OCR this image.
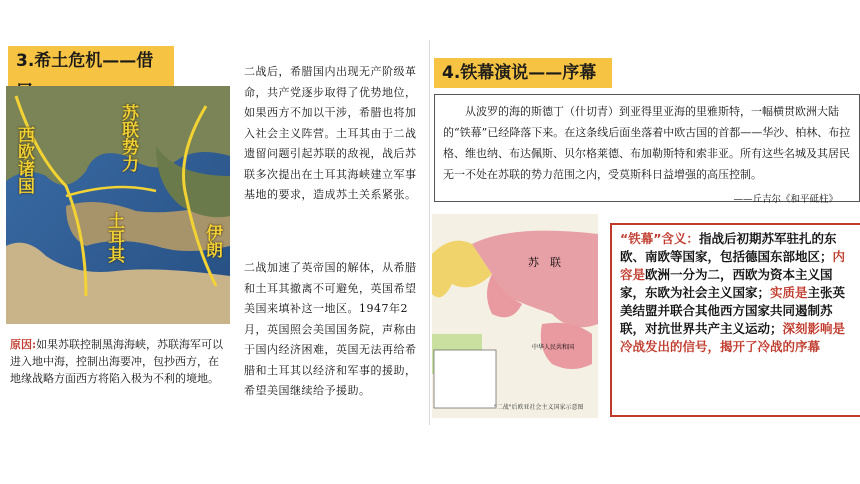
3.希土危机——借
西欧诸国	苏联势力
土耳其	伊朗
原因:如果苏联控制黑海海峡，苏联海军可以进入地中海，控制出海要冲，包抄西方，在地缘战略方面西方将陷入极为不利的境地。
二战后，希腊国内出现无产阶级革命，共产党逐步取得了优势地位，如果西方不加以干涉，希腊也将加入社会主义阵营。土耳其由于二战遗留问题引起苏联的敌视，战后苏联多次提出在土耳其海峡建立军事基地的要求，造成苏土关系紧张。
二战加速了英帝国的解体，从希腊和土耳其撤离不可避免，英国希望美国来填补这一地区。1947年2月，英国照会美国国务院，声称由于国内经济困难，英国无法再给希腊和土耳其以经济和军事的援助，希望美国继续给予援助。
4.铁幕演说——序幕
从波罗的海的斯德丁（什切青）到亚得里亚海的里雅斯特，一幅横贯欧洲大陆的“铁幕”已经降落下来。在这条线后面坐落着中欧古国的首都——华沙、柏林、布拉格、维也纳、布达佩斯、贝尔格莱德、布加勒斯特和索非亚。所有这些名城及其居民无一不处在苏联的势力范围之内，受莫斯科日益增强的高压控制。
——丘吉尔《和平砥柱》
苏 联
中华人民共和国
"二战"后欧亚社会主义国家示意图
“铁幕”含义：指战后初期苏军驻扎的东欧、南欧等国家，包括德国东部地区；内容是欧洲一分为二，西欧为资本主义国家，东欧为社会主义国家；实质是主张英美结盟并联合其他西方国家共同遏制苏联，对抗世界共产主义运动；深刻影响是冷战发出的信号，揭开了冷战的序幕
